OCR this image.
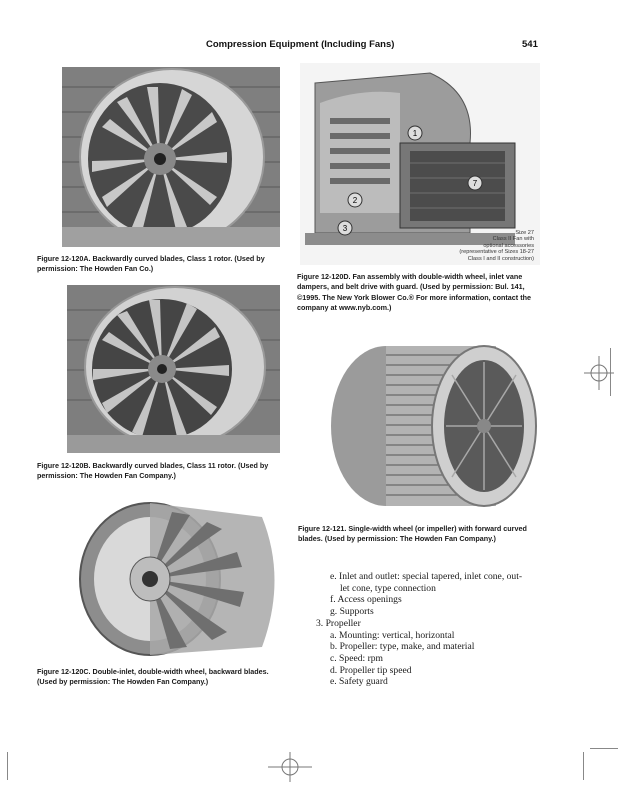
Compression Equipment (Including Fans)	541
Figure 12-120A. Backwardly curved blades, Class 1 rotor. (Used by permission: The Howden Fan Co.)
1
2
3
7
Size 27
Class II Fan with
optional accessories
(representative of Sizes 18-27
Class I and II construction)
Figure 12-120D. Fan assembly with double-width wheel, inlet vane dampers, and belt drive with guard. (Used by permission: Bul. 141, ©1995. The New York Blower Co.® For more information, contact the company at www.nyb.com.)
Figure 12-120B. Backwardly curved blades, Class 11 rotor. (Used by permission: The Howden Fan Company.)
Figure 12-121. Single-width wheel (or impeller) with forward curved blades. (Used by permission: The Howden Fan Company.)
Figure 12-120C. Double-inlet, double-width wheel, backward blades. (Used by permission: The Howden Fan Company.)
e. Inlet and outlet: special tapered, inlet cone, out-
let cone, type connection
f. Access openings
g. Supports
3. Propeller
a. Mounting: vertical, horizontal
b. Propeller: type, make, and material
c. Speed: rpm
d. Propeller tip speed
e. Safety guard
